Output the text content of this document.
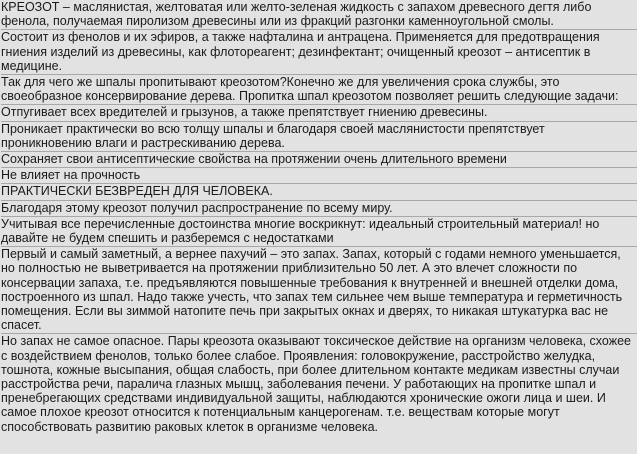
КРЕОЗОТ – маслянистая, желтоватая или желто-зеленая жидкость с запахом древесного дегтя либо фенола, получаемая пиролизом древесины или из фракций разгонки каменноугольной смолы.

Состоит из фенолов и их эфиров, а также нафталина и антрацена. Применяется для предотвращения гниения изделий из древесины, как флотореагент; дезинфектант; очищенный креозот – антисептик в медицине.

Так для чего же шпалы пропитывают креозотом?Конечно же для увеличения срока службы, это своеобразное консервирование дерева. Пропитка шпал креозотом позволяет решить следующие задачи:

Отпугивает всех вредителей и грызунов, а также препятствует гниению древесины.

Проникает практически во всю толщу шпалы и благодаря своей маслянистости препятствует проникновению влаги и растрескиванию дерева.

Сохраняет свои антисептические свойства на протяжении очень длительного времени

Не влияет на прочность

ПРАКТИЧЕСКИ БЕЗВРЕДЕН ДЛЯ ЧЕЛОВЕКА.

Благодаря этому креозот получил распространение по всему миру.

Учитывая все перечисленные достоинства многие воскрикнут: идеальный строительный материал! но давайте не будем спешить и разберемся с недостатками

Первый и самый заметный, а вернее пахучий – это запах. Запах, который с годами немного уменьшается, но полностью не выветривается на протяжении приблизительно 50 лет. А это влечет сложности по консервации запаха, т.е. предъявляются повышенные требования к внутренней и внешней отделки дома, построенного из шпал. Надо также учесть, что запах тем сильнее чем выше температура и герметичность помещения. Если вы зиммой натопите печь при закрытых окнах и дверях, то никакая штукатурка вас не спасет.

Но запах не самое опасное. Пары креозота оказывают токсическое действие на организм человека, схожее с воздействием фенолов, только более слабое. Проявления: головокружение, расстройство желудка, тошнота, кожные высыпания, общая слабость, при более длительном контакте медикам известны случаи расстройства речи, паралича глазных мышц, заболевания печени. У работающих на пропитке шпал и пренебрегающих средствами индивидуальной защиты, наблюдаются хронические ожоги лица и шеи. И самое плохое креозот относится к потенциальным канцерогенам. т.е. веществам которые могут способствовать развитию раковых клеток в организме человека.
